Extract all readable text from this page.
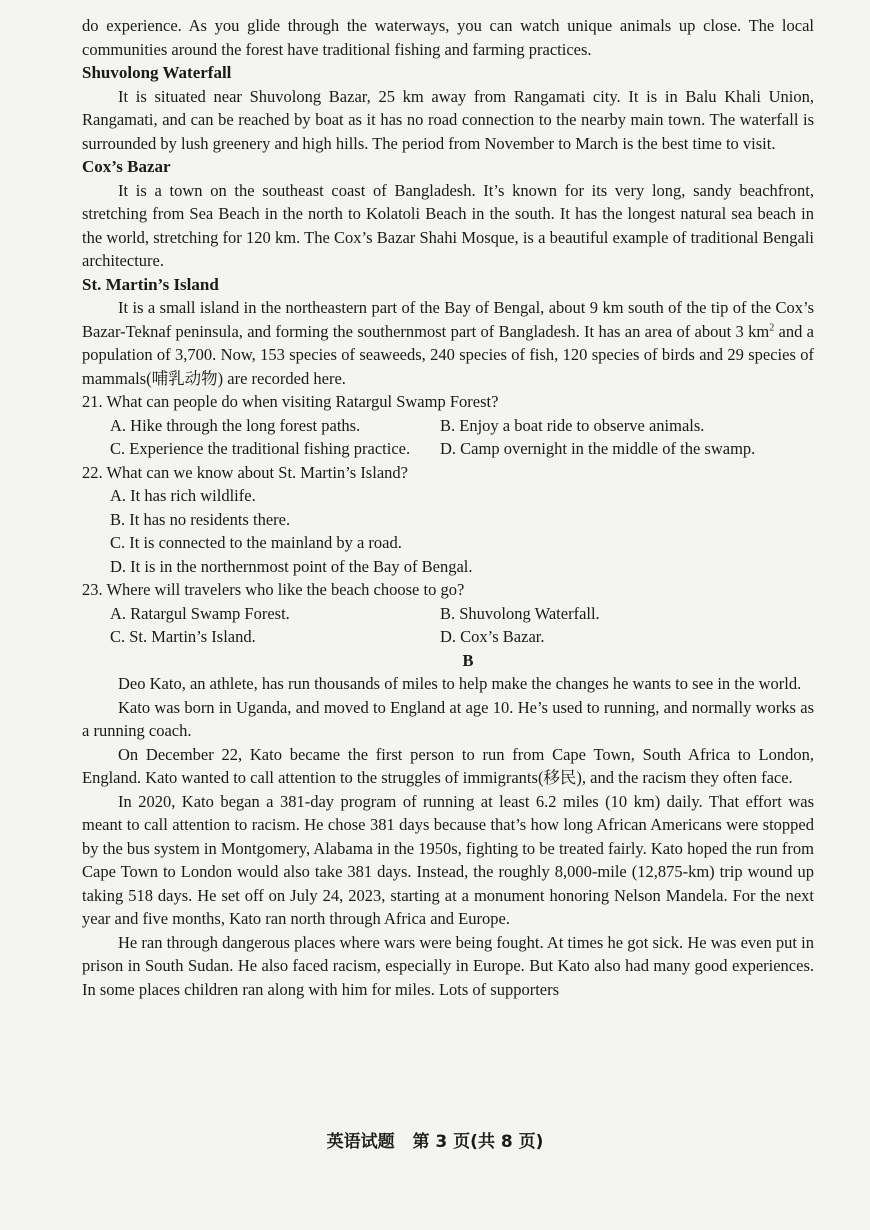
do experience. As you glide through the waterways, you can watch unique animals up close. The local communities around the forest have traditional fishing and farming practices.

Shuvolong Waterfall

It is situated near Shuvolong Bazar, 25 km away from Rangamati city. It is in Balu Khali Union, Rangamati, and can be reached by boat as it has no road connection to the nearby main town. The waterfall is surrounded by lush greenery and high hills. The period from November to March is the best time to visit.

Cox’s Bazar

It is a town on the southeast coast of Bangladesh. It’s known for its very long, sandy beachfront, stretching from Sea Beach in the north to Kolatoli Beach in the south. It has the longest natural sea beach in the world, stretching for 120 km. The Cox’s Bazar Shahi Mosque, is a beautiful example of traditional Bengali architecture.

St. Martin’s Island

It is a small island in the northeastern part of the Bay of Bengal, about 9 km south of the tip of the Cox’s Bazar-Teknaf peninsula, and forming the southernmost part of Bangladesh. It has an area of about 3 $km^2$ and a population of 3,700. Now, 153 species of seaweeds, 240 species of fish, 120 species of birds and 29 species of mammals(哺乳动物) are recorded here.

21. What can people do when visiting Ratargul Swamp Forest?

A. Hike through the long forest paths.	B. Enjoy a boat ride to observe animals.
C. Experience the traditional fishing practice.	D. Camp overnight in the middle of the swamp.

22. What can we know about St. Martin’s Island?

A. It has rich wildlife.

B. It has no residents there.

C. It is connected to the mainland by a road.

D. It is in the northernmost point of the Bay of Bengal.

23. Where will travelers who like the beach choose to go?

A. Ratargul Swamp Forest.	B. Shuvolong Waterfall.
C. St. Martin’s Island.	D. Cox’s Bazar.

B

Deo Kato, an athlete, has run thousands of miles to help make the changes he wants to see in the world.

Kato was born in Uganda, and moved to England at age 10. He’s used to running, and normally works as a running coach.

On December 22, Kato became the first person to run from Cape Town, South Africa to London, England. Kato wanted to call attention to the struggles of immigrants(移民), and the racism they often face.

In 2020, Kato began a 381-day program of running at least 6.2 miles (10 km) daily. That effort was meant to call attention to racism. He chose 381 days because that’s how long African Americans were stopped by the bus system in Montgomery, Alabama in the 1950s, fighting to be treated fairly. Kato hoped the run from Cape Town to London would also take 381 days. Instead, the roughly 8,000-mile (12,875-km) trip wound up taking 518 days. He set off on July 24, 2023, starting at a monument honoring Nelson Mandela. For the next year and five months, Kato ran north through Africa and Europe.

He ran through dangerous places where wars were being fought. At times he got sick. He was even put in prison in South Sudan. He also faced racism, especially in Europe. But Kato also had many good experiences. In some places children ran along with him for miles. Lots of supporters

英语试题 第 3 页(共 8 页)
